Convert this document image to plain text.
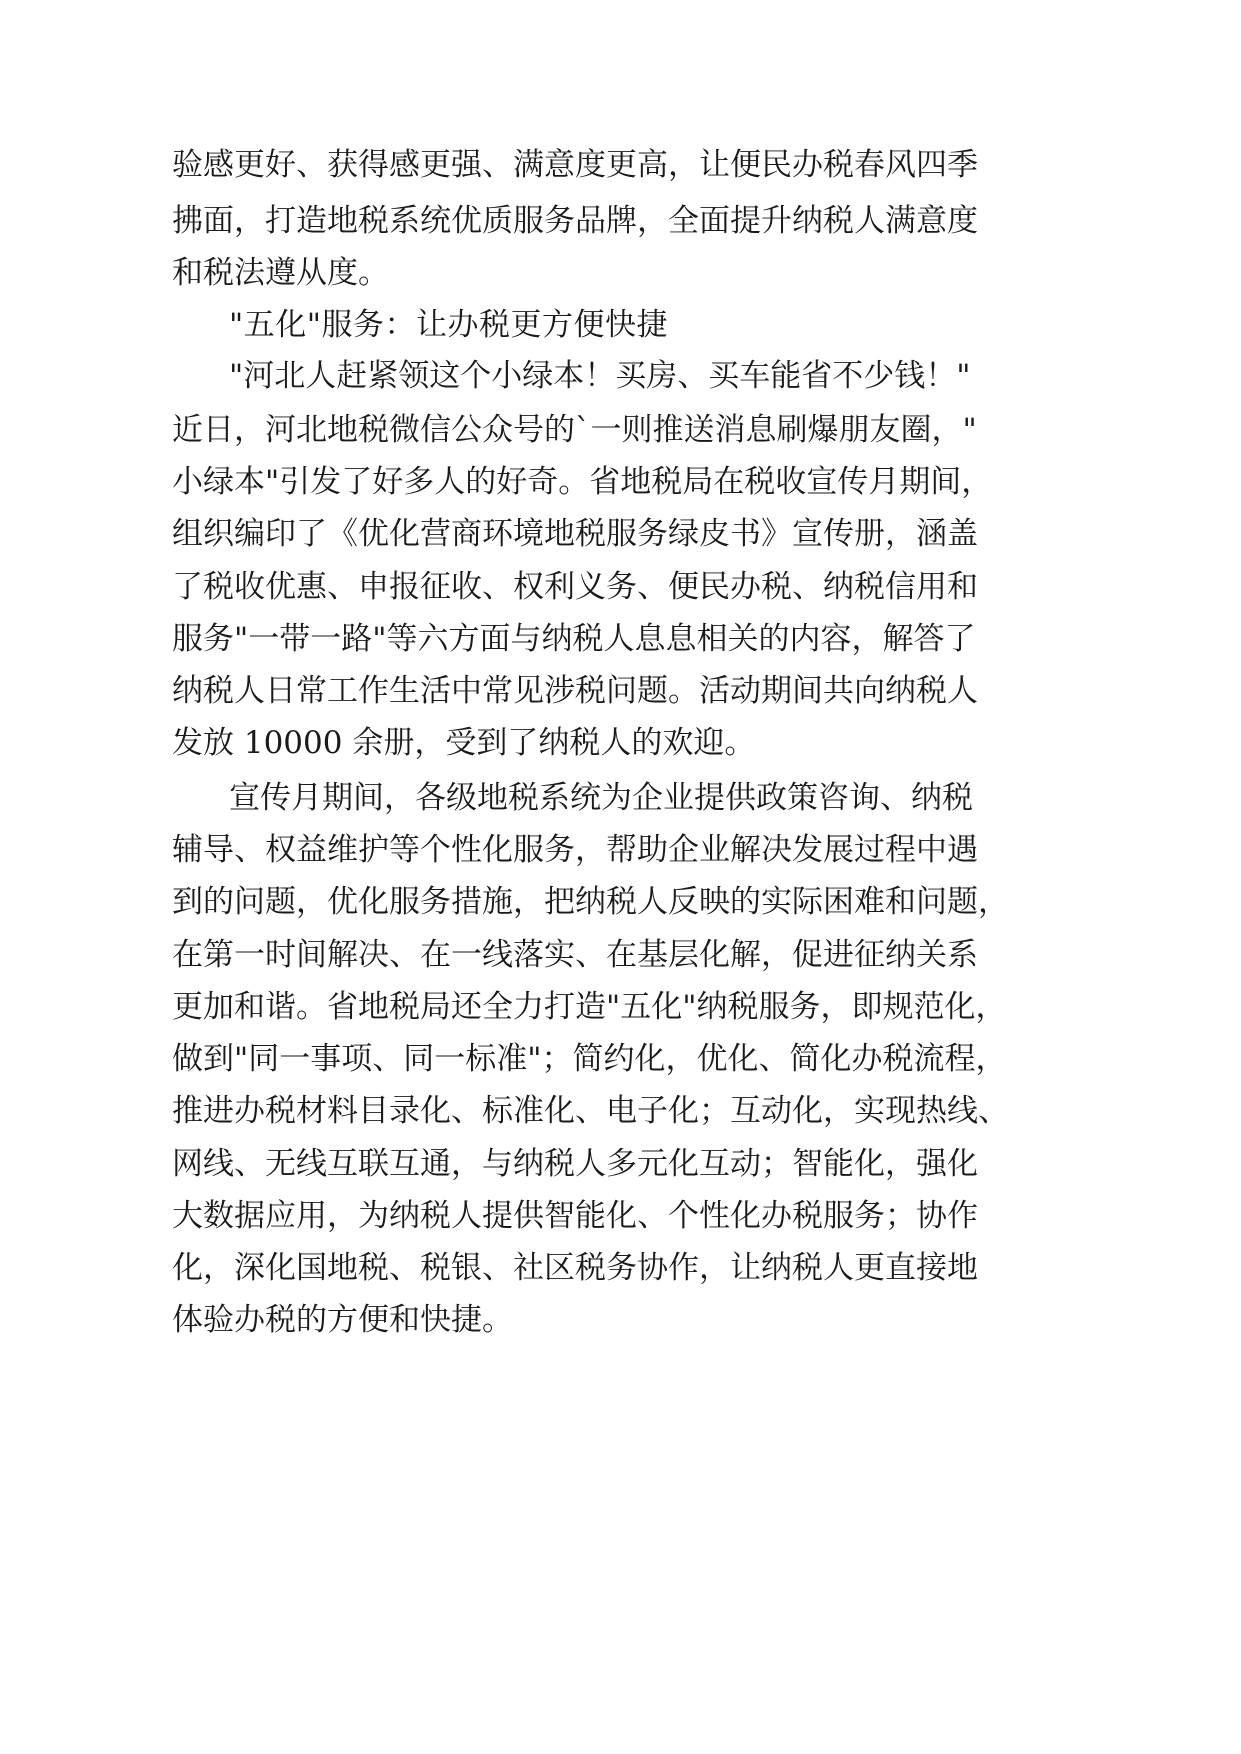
验感更好、获得感更强、满意度更高，让便民办税春风四季
拂面，打造地税系统优质服务品牌，全面提升纳税人满意度
和税法遵从度。
"五化"服务：让办税更方便快捷
"河北人赶紧领这个小绿本！买房、买车能省不少钱！"
近日，河北地税微信公众号的`一则推送消息刷爆朋友圈，"
小绿本"引发了好多人的好奇。省地税局在税收宣传月期间，
组织编印了《优化营商环境地税服务绿皮书》宣传册，涵盖
了税收优惠、申报征收、权利义务、便民办税、纳税信用和
服务"一带一路"等六方面与纳税人息息相关的内容，解答了
纳税人日常工作生活中常见涉税问题。活动期间共向纳税人
发放 10000 余册，受到了纳税人的欢迎。
宣传月期间，各级地税系统为企业提供政策咨询、纳税
辅导、权益维护等个性化服务，帮助企业解决发展过程中遇
到的问题，优化服务措施，把纳税人反映的实际困难和问题，
在第一时间解决、在一线落实、在基层化解，促进征纳关系
更加和谐。省地税局还全力打造"五化"纳税服务，即规范化，
做到"同一事项、同一标准"；简约化，优化、简化办税流程，
推进办税材料目录化、标准化、电子化；互动化，实现热线、
网线、无线互联互通，与纳税人多元化互动；智能化，强化
大数据应用，为纳税人提供智能化、个性化办税服务；协作
化，深化国地税、税银、社区税务协作，让纳税人更直接地
体验办税的方便和快捷。
